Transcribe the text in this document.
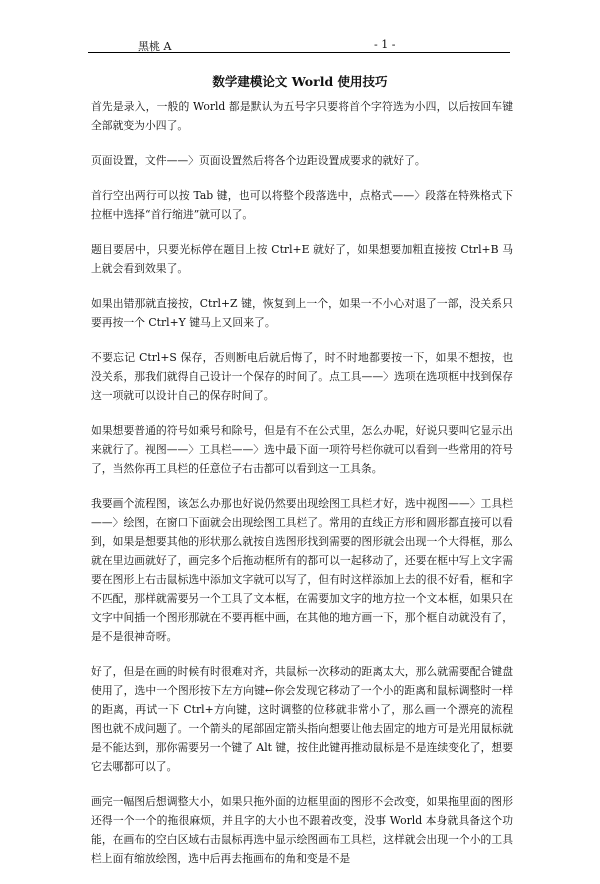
黑桃 A	- 1 -
数学建模论文 World 使用技巧

首先是录入，一般的 World 都是默认为五号字只要将首个字符选为小四，以后按回车键全部就变为小四了。

页面设置，文件——〉页面设置然后将各个边距设置成要求的就好了。

首行空出两行可以按 Tab 键，也可以将整个段落选中，点格式——〉段落在特殊格式下拉框中选择“首行缩进”就可以了。

题目要居中，只要光标停在题目上按 Ctrl+E 就好了，如果想要加粗直接按 Ctrl+B 马上就会看到效果了。

如果出错那就直接按，Ctrl+Z 键，恢复到上一个，如果一不小心对退了一部，没关系只要再按一个 Ctrl+Y 键马上又回来了。

不要忘记 Ctrl+S 保存，否则断电后就后悔了，时不时地都要按一下，如果不想按，也没关系，那我们就得自己设计一个保存的时间了。点工具——〉选项在选项框中找到保存这一项就可以设计自己的保存时间了。

如果想要普通的符号如乘号和除号，但是有不在公式里，怎么办呢，好说只要叫它显示出来就行了。视图——〉工具栏——〉选中最下面一项符号栏你就可以看到一些常用的符号了，当然你再工具栏的任意位子右击都可以看到这一工具条。

我要画个流程图，该怎么办那也好说仍然要出现绘图工具栏才好，选中视图——〉工具栏——〉绘图，在窗口下面就会出现绘图工具栏了。常用的直线正方形和圆形都直接可以看到，如果是想要其他的形状那么就按自选图形找到需要的图形就会出现一个大得框，那么就在里边画就好了，画完多个后拖动框所有的都可以一起移动了，还要在框中写上文字需要在图形上右击鼠标选中添加文字就可以写了，但有时这样添加上去的很不好看，框和字不匹配，那样就需要另一个工具了文本框，在需要加文字的地方拉一个文本框，如果只在文字中间插一个图形那就在不要再框中画，在其他的地方画一下，那个框自动就没有了，是不是很神奇呀。

好了，但是在画的时候有时很难对齐，共鼠标一次移动的距离太大，那么就需要配合键盘使用了，选中一个图形按下左方向键←你会发现它移动了一个小的距离和鼠标调整时一样的距离，再试一下 Ctrl+方向键，这时调整的位移就非常小了，那么画一个漂亮的流程图也就不成问题了。一个箭头的尾部固定箭头指向想要让他去固定的地方可是光用鼠标就是不能达到，那你需要另一个键了 Alt 键，按住此键再推动鼠标是不是连续变化了，想要它去哪都可以了。

画完一幅图后想调整大小，如果只拖外面的边框里面的图形不会改变，如果拖里面的图形还得一个一个的拖很麻烦，并且字的大小也不跟着改变，没事 World 本身就具备这个功能，在画布的空白区域右击鼠标再选中显示绘图画布工具栏，这样就会出现一个小的工具栏上面有缩放绘图，选中后再去拖画布的角和变是不是
